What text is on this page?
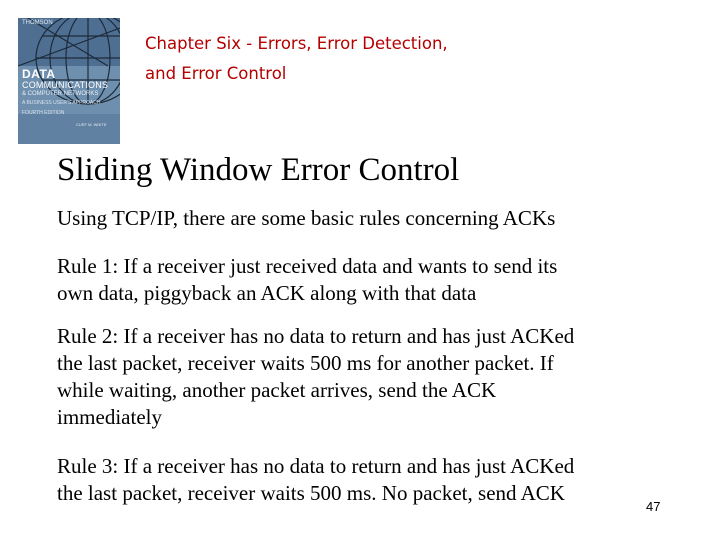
THOMSON
DATA
COMMUNICATIONS
& COMPUTER NETWORKS
A BUSINESS USER'S APPROACH
FOURTH EDITION
CURT M. WHITE
Chapter Six - Errors, Error Detection,
and Error Control
Sliding Window Error Control
Using TCP/IP, there are some basic rules concerning ACKs
Rule 1: If a receiver just received data and wants to send its
own data, piggyback an ACK along with that data
Rule 2: If a receiver has no data to return and has just ACKed
the last packet, receiver waits 500 ms for another packet. If
while waiting, another packet arrives, send the ACK
immediately
Rule 3: If a receiver has no data to return and has just ACKed
the last packet, receiver waits 500 ms. No packet, send ACK
47
